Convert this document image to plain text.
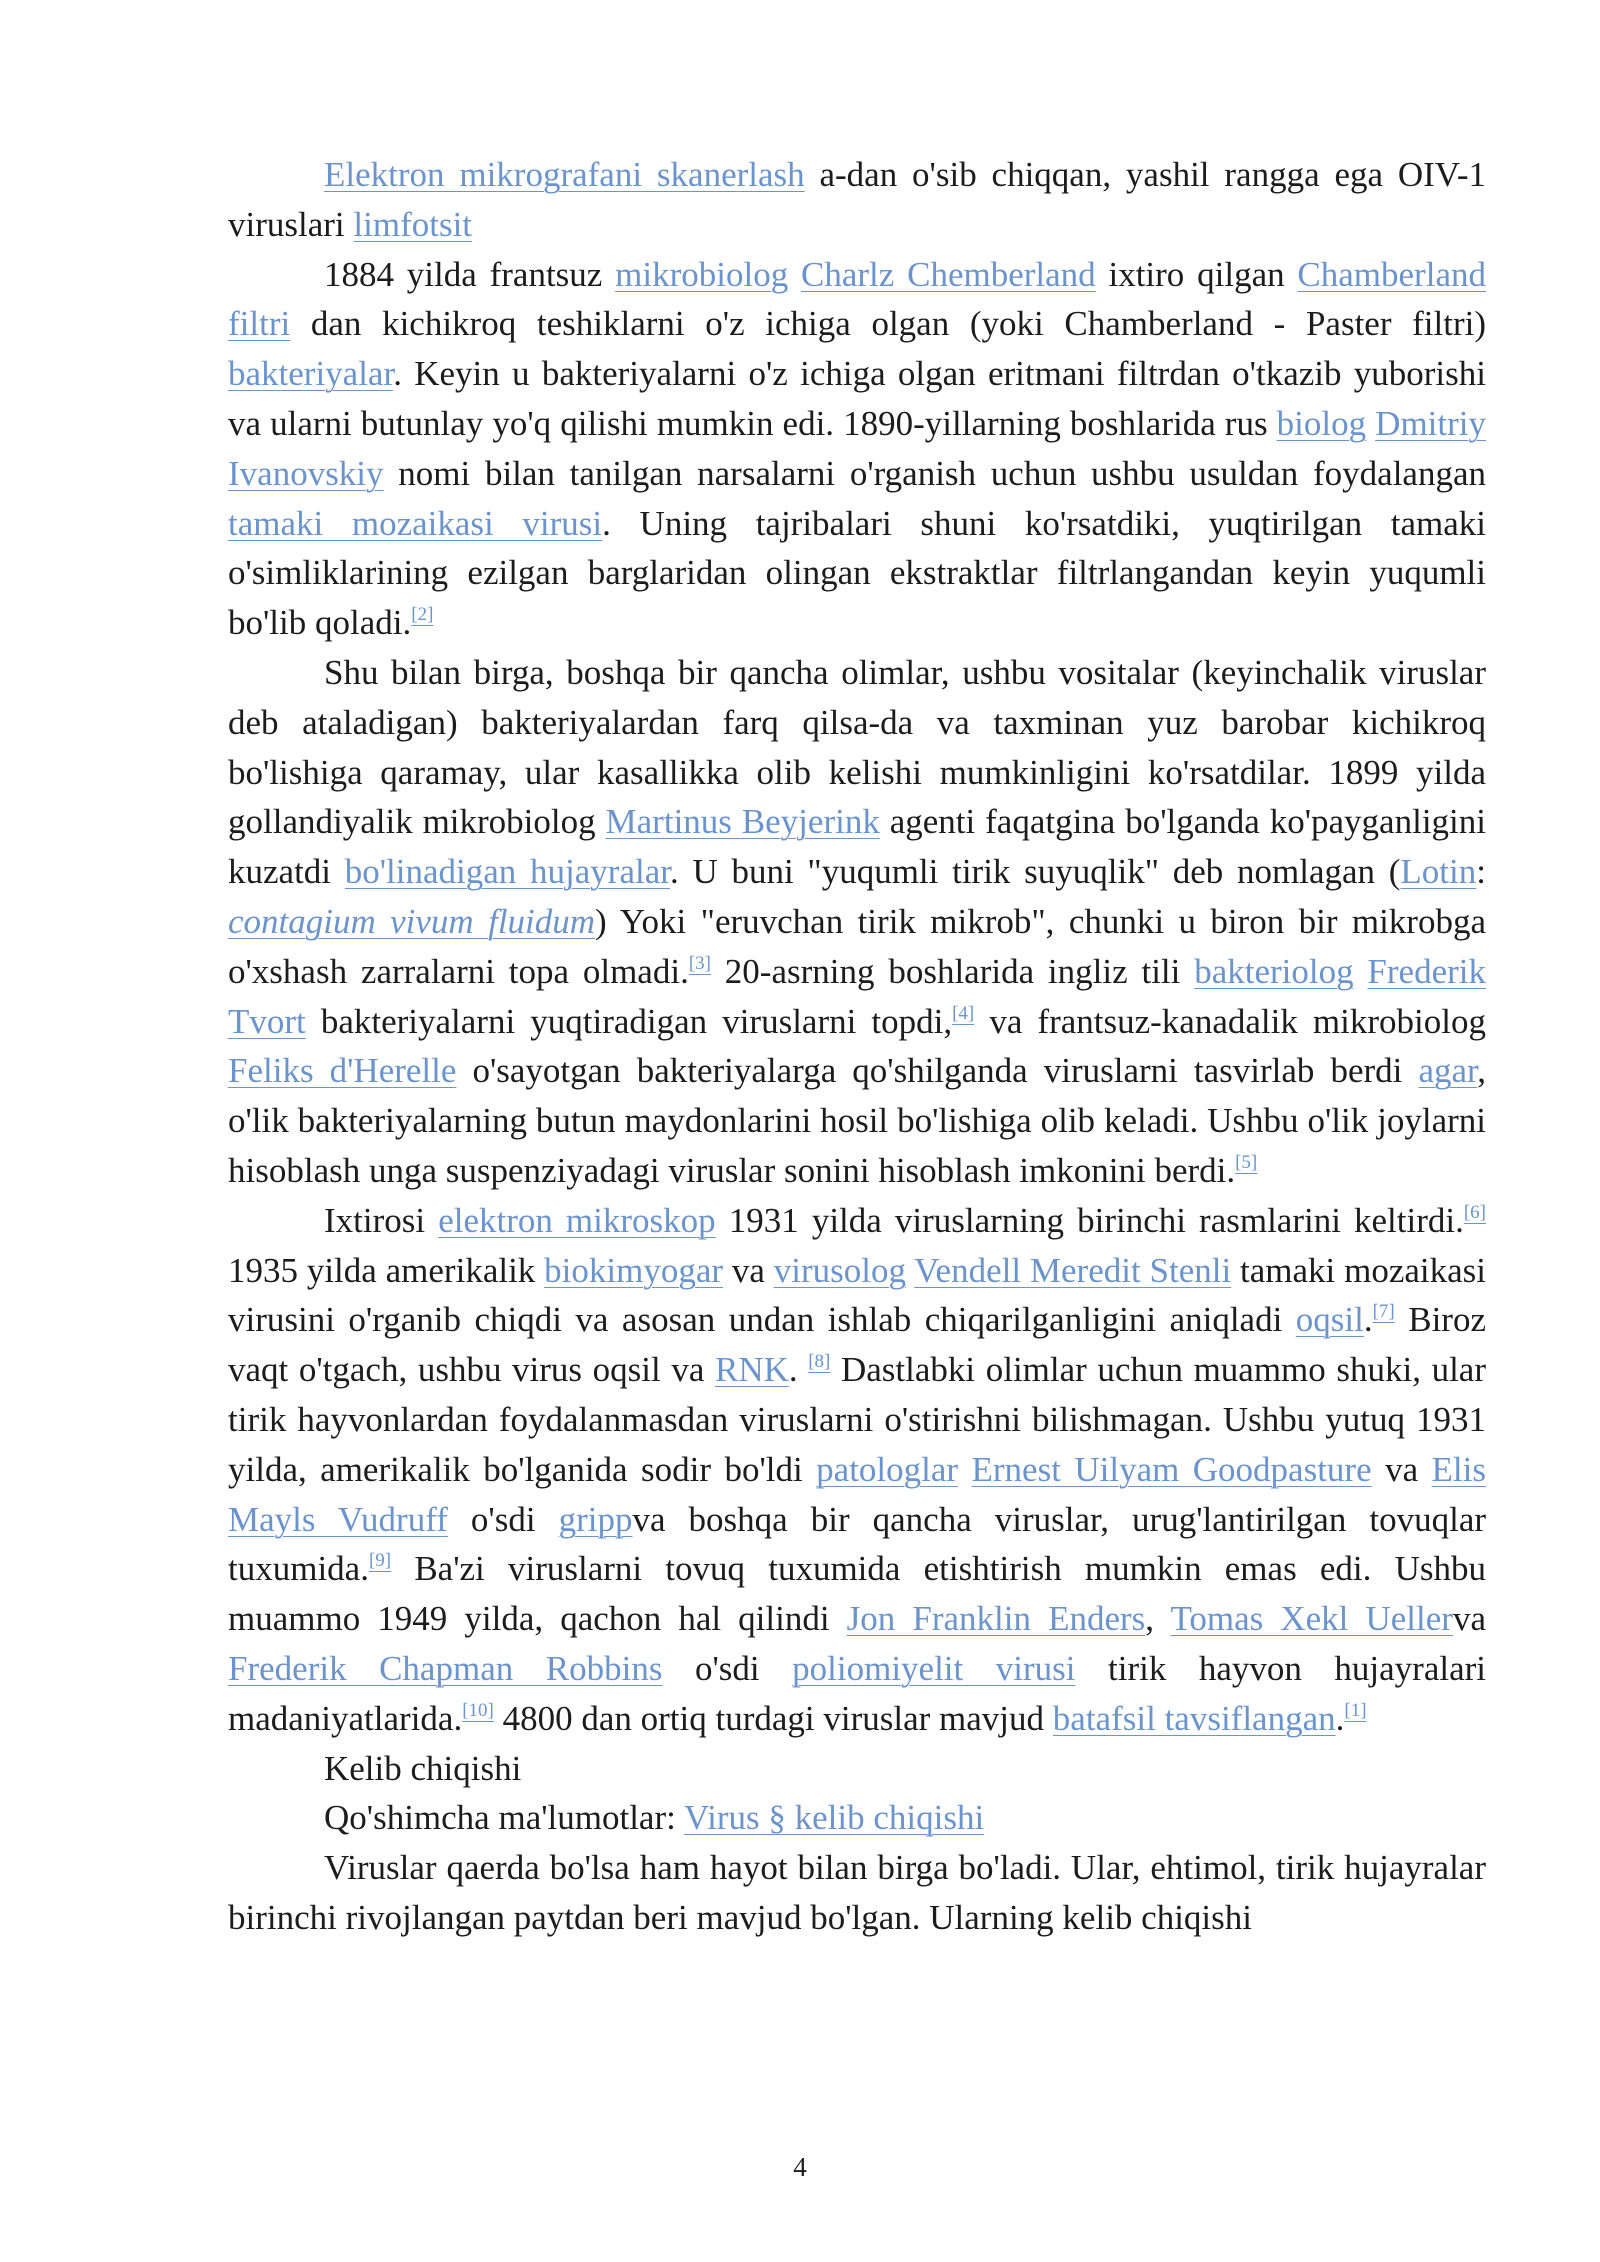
Elektron mikrografani skanerlash a-dan o'sib chiqqan, yashil rangga ega OIV-1 viruslari limfotsit

1884 yilda frantsuz mikrobiolog Charlz Chemberland ixtiro qilgan Chamberland filtri dan kichikroq teshiklarni o'z ichiga olgan (yoki Chamberland - Paster filtri) bakteriyalar. Keyin u bakteriyalarni o'z ichiga olgan eritmani filtrdan o'tkazib yuborishi va ularni butunlay yo'q qilishi mumkin edi. 1890-yillarning boshlarida rus biolog Dmitriy Ivanovskiy nomi bilan tanilgan narsalarni o'rganish uchun ushbu usuldan foydalangan tamaki mozaikasi virusi. Uning tajribalari shuni ko'rsatdiki, yuqtirilgan tamaki o'simliklarining ezilgan barglaridan olingan ekstraktlar filtrlangandan keyin yuqumli bo'lib qoladi.[2]

Shu bilan birga, boshqa bir qancha olimlar, ushbu vositalar (keyinchalik viruslar deb ataladigan) bakteriyalardan farq qilsa-da va taxminan yuz barobar kichikroq bo'lishiga qaramay, ular kasallikka olib kelishi mumkinligini ko'rsatdilar. 1899 yilda gollandiyalik mikrobiolog Martinus Beyjerink agenti faqatgina bo'lganda ko'payganligini kuzatdi bo'linadigan hujayralar. U buni "yuqumli tirik suyuqlik" deb nomlagan (Lotin: contagium vivum fluidum) Yoki "eruvchan tirik mikrob", chunki u biron bir mikrobga o'xshash zarralarni topa olmadi.[3] 20-asrning boshlarida ingliz tili bakteriolog Frederik Tvort bakteriyalarni yuqtiradigan viruslarni topdi,[4] va frantsuz-kanadalik mikrobiolog Feliks d'Herelle o'sayotgan bakteriyalarga qo'shilganda viruslarni tasvirlab berdi agar, o'lik bakteriyalarning butun maydonlarini hosil bo'lishiga olib keladi. Ushbu o'lik joylarni hisoblash unga suspenziyadagi viruslar sonini hisoblash imkonini berdi.[5]

Ixtirosi elektron mikroskop 1931 yilda viruslarning birinchi rasmlarini keltirdi.[6] 1935 yilda amerikalik biokimyogar va virusolog Vendell Meredit Stenli tamaki mozaikasi virusini o'rganib chiqdi va asosan undan ishlab chiqarilganligini aniqladi oqsil.[7] Biroz vaqt o'tgach, ushbu virus oqsil va RNK. [8] Dastlabki olimlar uchun muammo shuki, ular tirik hayvonlardan foydalanmasdan viruslarni o'stirishni bilishmagan. Ushbu yutuq 1931 yilda, amerikalik bo'lganida sodir bo'ldi patologlar Ernest Uilyam Goodpasture va Elis Mayls Vudruff o'sdi grippva boshqa bir qancha viruslar, urug'lantirilgan tovuqlar tuxumida.[9] Ba'zi viruslarni tovuq tuxumida etishtirish mumkin emas edi. Ushbu muammo 1949 yilda, qachon hal qilindi Jon Franklin Enders, Tomas Xekl Uellerva Frederik Chapman Robbins o'sdi poliomiyelit virusi tirik hayvon hujayralari madaniyatlarida.[10] 4800 dan ortiq turdagi viruslar mavjud batafsil tavsiflangan.[1]

Kelib chiqishi

Qo'shimcha ma'lumotlar: Virus § kelib chiqishi

Viruslar qaerda bo'lsa ham hayot bilan birga bo'ladi. Ular, ehtimol, tirik hujayralar birinchi rivojlangan paytdan beri mavjud bo'lgan. Ularning kelib chiqishi

4
